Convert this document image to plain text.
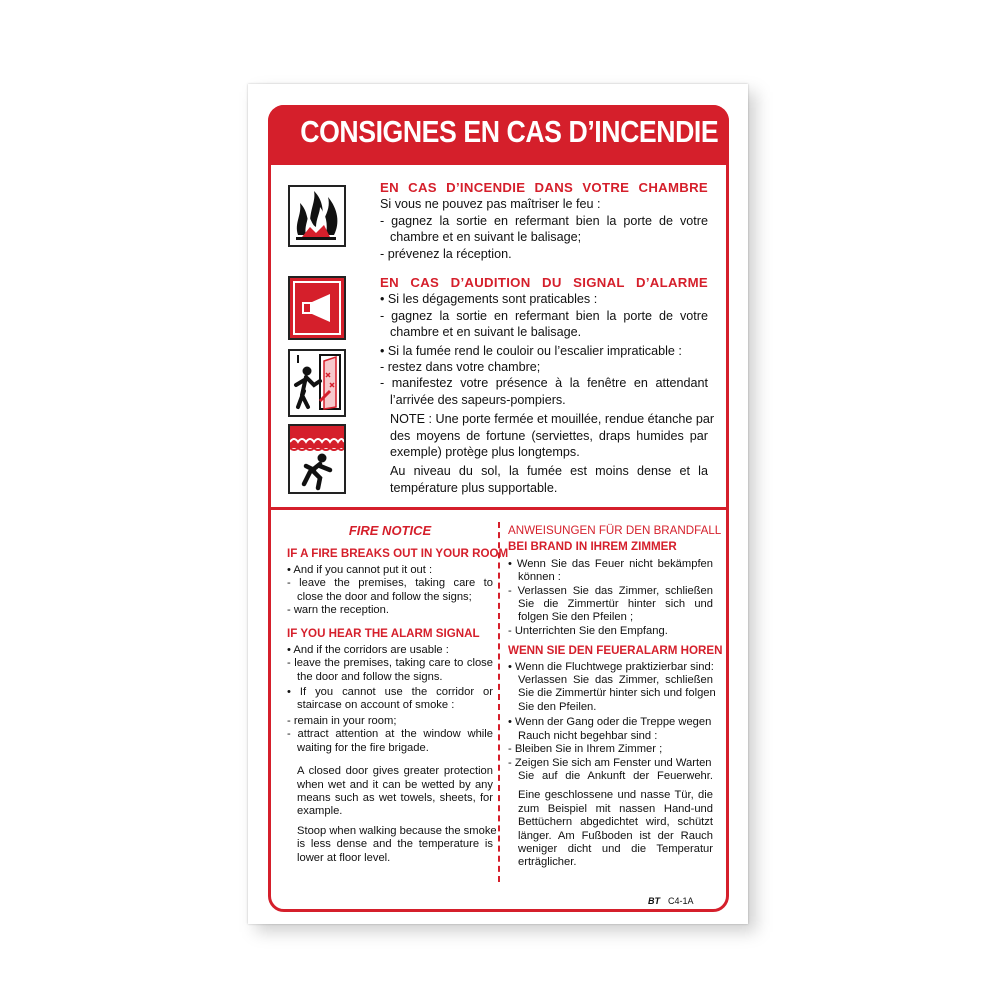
CONSIGNES EN CAS D’INCENDIE
EN CAS D’INCENDIE DANS VOTRE CHAMBRE
Si vous ne pouvez pas maîtriser le feu :
- gagnez la sortie en refermant bien la porte de votre
chambre et en suivant le balisage;
- prévenez la réception.
EN CAS D’AUDITION DU SIGNAL D’ALARME
• Si les dégagements sont praticables :
- gagnez la sortie en refermant bien la porte de votre
chambre et en suivant le balisage.
• Si la fumée rend le couloir ou l’escalier impraticable :
- restez dans votre chambre;
- manifestez votre présence à la fenêtre en attendant
l’arrivée des sapeurs-pompiers.
NOTE : Une porte fermée et mouillée, rendue étanche par
des moyens de fortune (serviettes, draps humides par
exemple) protège plus longtemps.
Au niveau du sol, la fumée est moins dense et la
température plus supportable.
FIRE NOTICE
IF A FIRE BREAKS OUT IN YOUR ROOM
• And if you cannot put it out :
- leave the premises, taking care to
close the door and follow the signs;
- warn the reception.
IF YOU HEAR THE ALARM SIGNAL
• And if the corridors are usable :
- leave the premises, taking care to close
the door and follow the signs.
• If you cannot use the corridor or
staircase on account of smoke :
- remain in your room;
- attract attention at the window while
waiting for the fire brigade.
A closed door gives greater protection
when wet and it can be wetted by any
means such as wet towels, sheets, for
example.
Stoop when walking because the smoke
is less dense and the temperature is
lower at floor level.
ANWEISUNGEN FÜR DEN BRANDFALL
BEI BRAND IN IHREM ZIMMER
• Wenn Sie das Feuer nicht bekämpfen
können :
- Verlassen Sie das Zimmer, schließen
Sie die Zimmertür hinter sich und
folgen Sie den Pfeilen ;
- Unterrichten Sie den Empfang.
WENN SIE DEN FEUERALARM HOREN
• Wenn die Fluchtwege praktizierbar sind:
Verlassen Sie das Zimmer, schließen
Sie die Zimmertür hinter sich und folgen
Sie den Pfeilen.
• Wenn der Gang oder die Treppe wegen
Rauch nicht begehbar sind :
- Bleiben Sie in Ihrem Zimmer ;
- Zeigen Sie sich am Fenster und Warten
Sie auf die Ankunft der Feuerwehr.
Eine geschlossene und nasse Tür, die
zum Beispiel mit nassen Hand-und
Bettüchern abgedichtet wird, schützt
länger. Am Fußboden ist der Rauch
weniger dicht und die Temperatur
erträglicher.
BT C4-1A
